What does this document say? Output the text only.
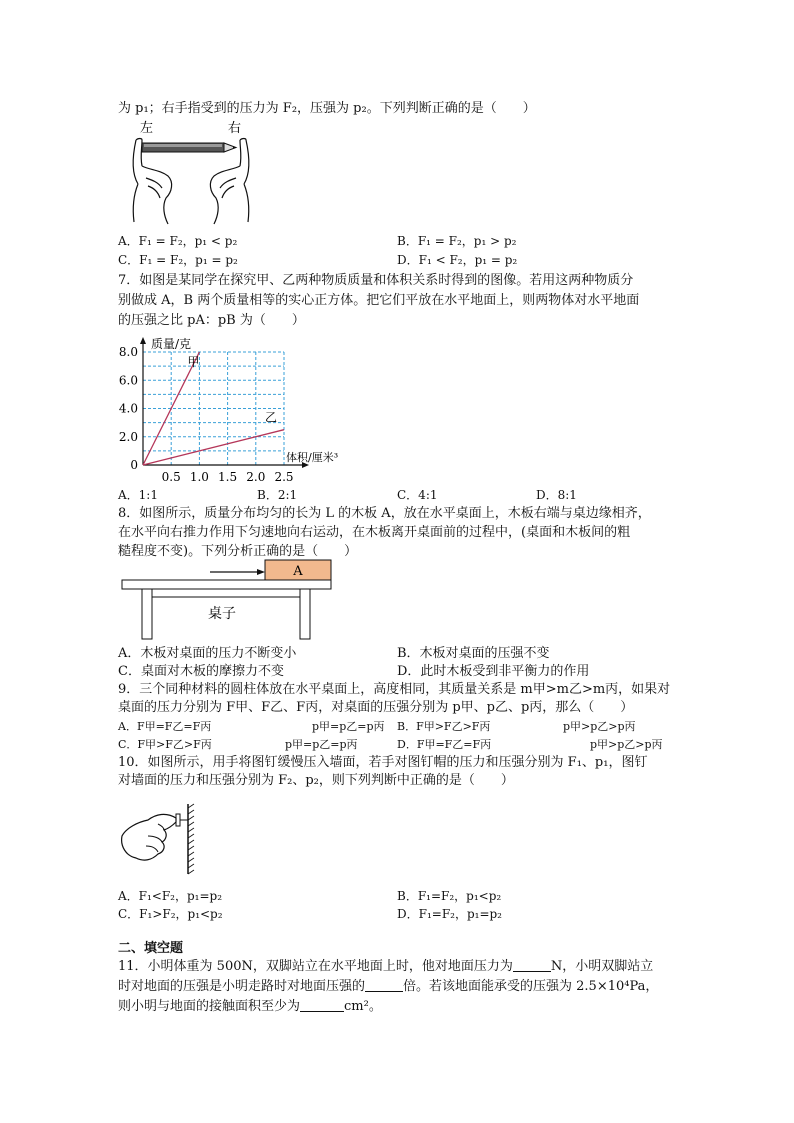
为 p₁；右手指受到的压力为 F₂，压强为 p₂。下列判断正确的是（　　）
左	右
A．F₁ = F₂，p₁ < p₂	B．F₁ = F₂，p₁ > p₂
C．F₁ = F₂，p₁ = p₂	D．F₁ < F₂，p₁ = p₂
7．如图是某同学在探究甲、乙两种物质质量和体积关系时得到的图像。若用这两种物质分
别做成 A，B 两个质量相等的实心正方体。把它们平放在水平地面上，则两物体对水平地面
的压强之比 pA：pB 为（　　）
质量/克
体积/厘米³
0.5 1.0 1.5 2.0 2.5
0
2.0
4.0
6.0
8.0
甲
乙
A．1:1	B．2:1	C．4:1	D．8:1
8．如图所示，质量分布均匀的长为 L 的木板 A，放在水平桌面上，木板右端与桌边缘相齐，
在水平向右推力作用下匀速地向右运动，在木板离开桌面前的过程中，(桌面和木板间的粗
糙程度不变)。下列分析正确的是（　　）
A
桌子
A．木板对桌面的压力不断变小	B．木板对桌面的压强不变
C．桌面对木板的摩擦力不变	D．此时木板受到非平衡力的作用
9．三个同种材料的圆柱体放在水平桌面上，高度相同，其质量关系是 m甲>m乙>m丙，如果对
桌面的压力分别为 F甲、F乙、F丙，对桌面的压强分别为 p甲、p乙、p丙，那么（　　）
A．F甲=F乙=F丙	p甲=p乙=p丙 B．F甲>F乙>F丙	p甲>p乙>p丙
C．F甲>F乙>F丙	p甲=p乙=p丙	D．F甲=F乙=F丙	p甲>p乙>p丙
10．如图所示，用手将图钉缓慢压入墙面，若手对图钉帽的压力和压强分别为 F₁、p₁，图钉
对墙面的压力和压强分别为 F₂、p₂，则下列判断中正确的是（　　）
A．F₁<F₂，p₁=p₂	B．F₁=F₂，p₁<p₂
C．F₁>F₂，p₁<p₂	D．F₁=F₂，p₁=p₂
二、填空题
11．小明体重为 500N，双脚站立在水平地面上时，他对地面压力为	N，小明双脚站立
时对地面的压强是小明走路时对地面压强的	倍。若该地面能承受的压强为 2.5×10⁴Pa，
则小明与地面的接触面积至少为	cm²。
